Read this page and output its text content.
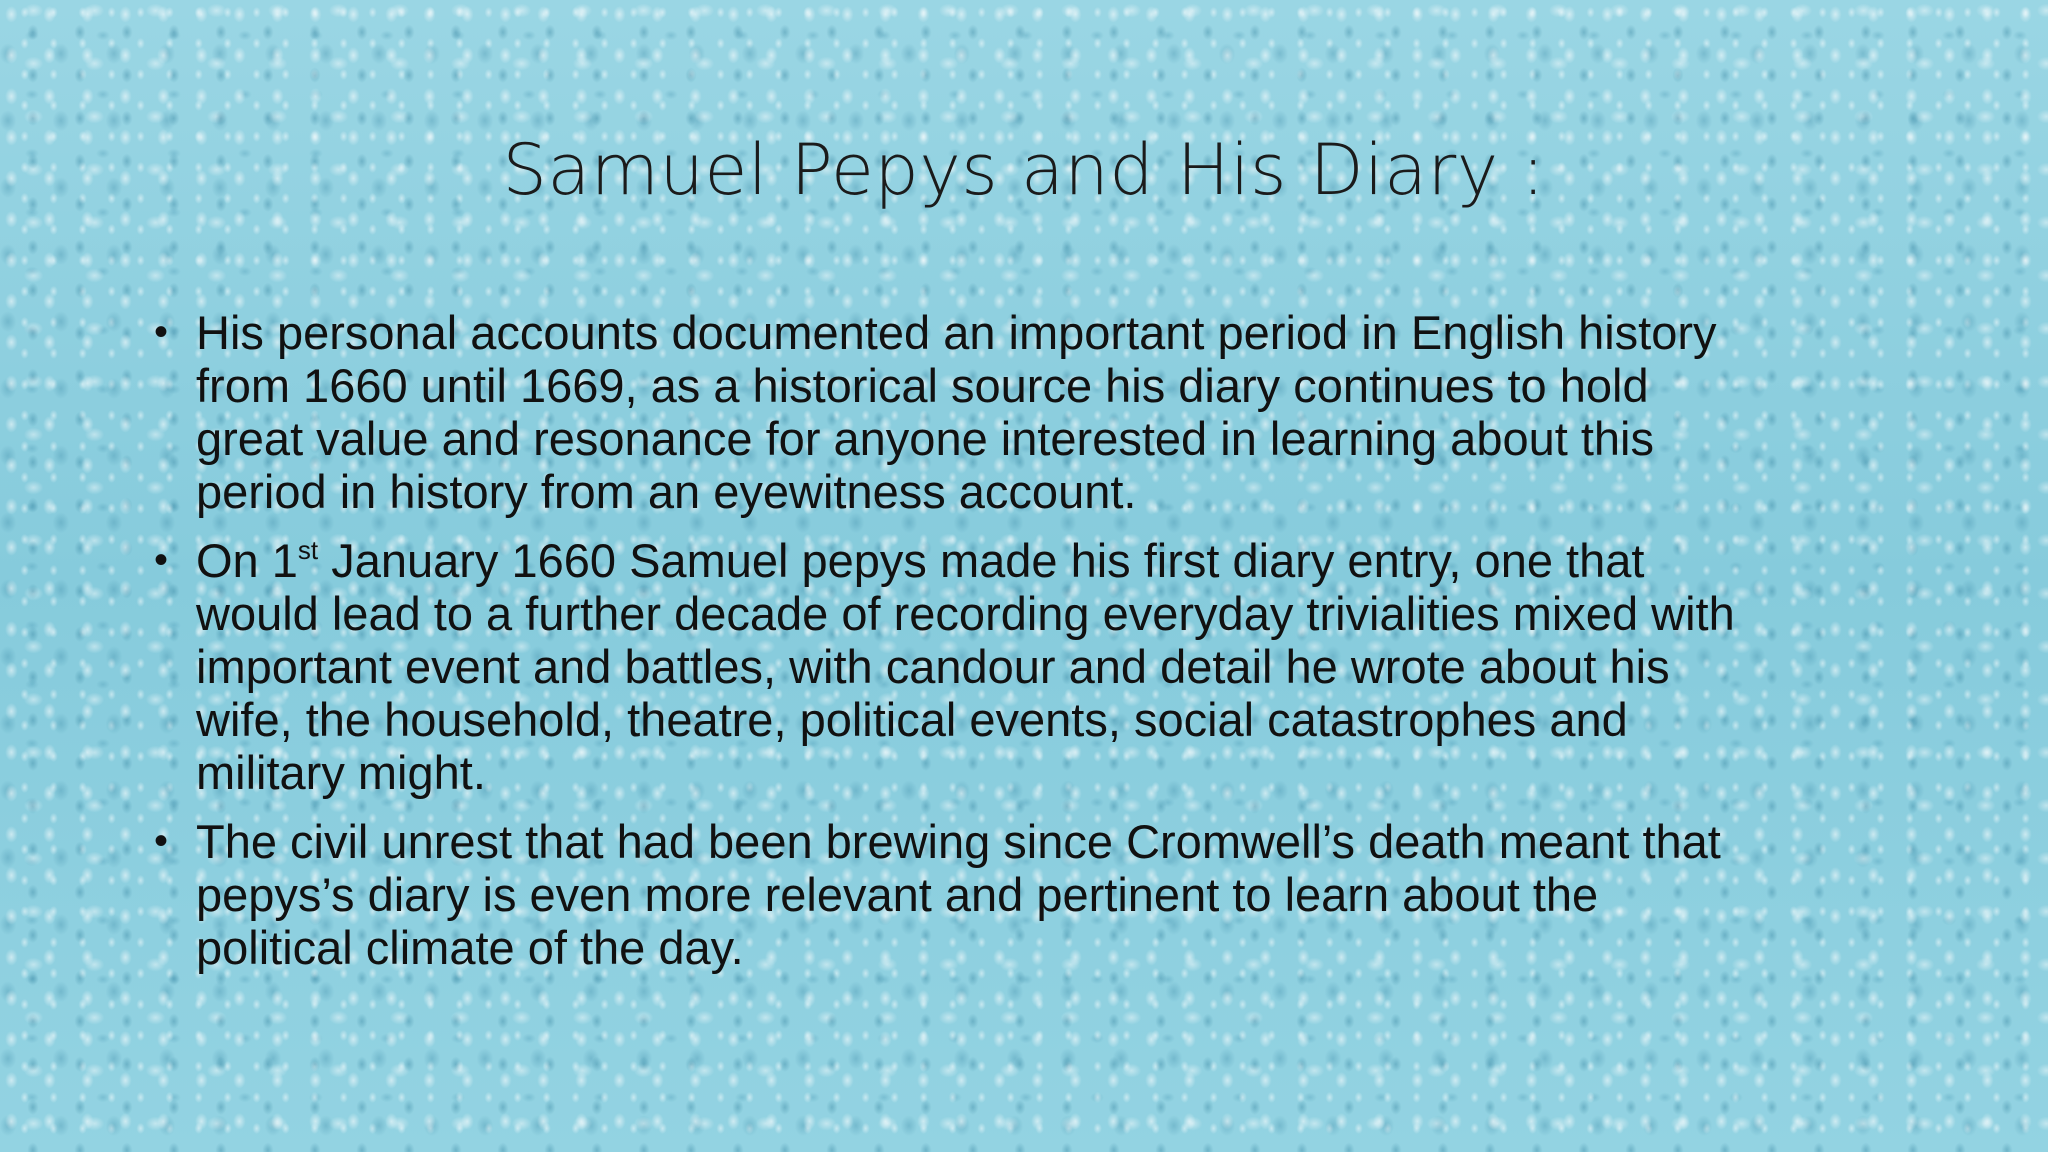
Samuel Pepys and His Diary :
• His personal accounts documented an important period in English history
from 1660 until 1669, as a historical source his diary continues to hold
great value and resonance for anyone interested in learning about this
period in history from an eyewitness account.
• On 1st January 1660 Samuel pepys made his first diary entry, one that
would lead to a further decade of recording everyday trivialities mixed with
important event and battles, with candour and detail he wrote about his
wife, the household, theatre, political events, social catastrophes and
military might.
• The civil unrest that had been brewing since Cromwell’s death meant that
pepys’s diary is even more relevant and pertinent to learn about the
political climate of the day.
